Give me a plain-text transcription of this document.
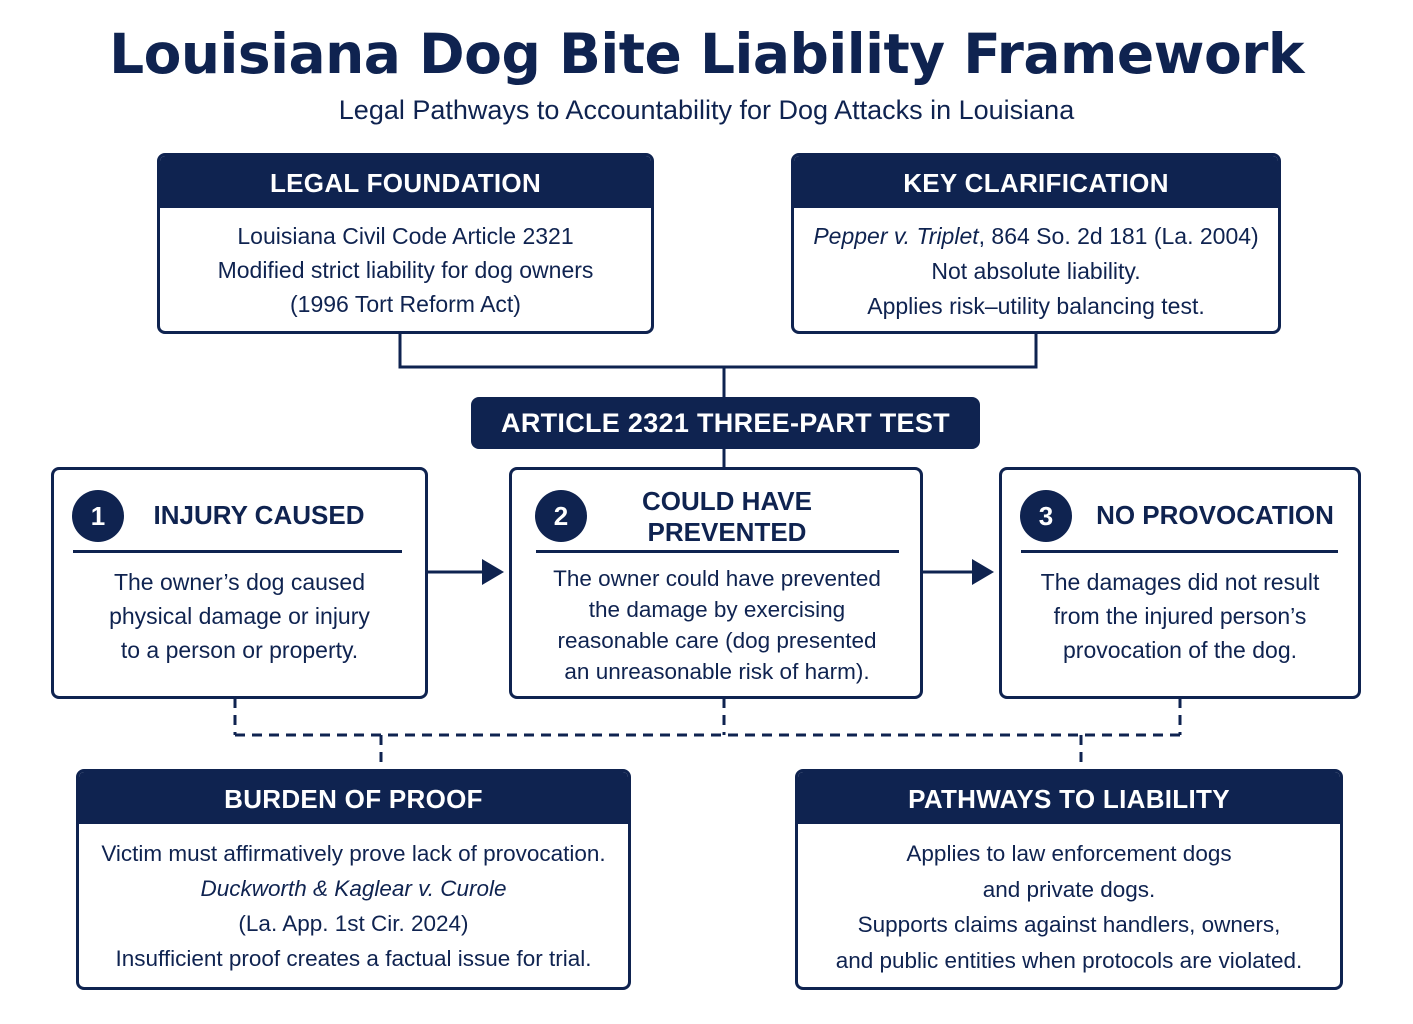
Louisiana Dog Bite Liability Framework
Legal Pathways to Accountability for Dog Attacks in Louisiana
LEGAL FOUNDATION
Louisiana Civil Code Article 2321
Modified strict liability for dog owners
(1996 Tort Reform Act)
KEY CLARIFICATION
Pepper v. Triplet, 864 So. 2d 181 (La. 2004)
Not absolute liability.
Applies risk–utility balancing test.
ARTICLE 2321 THREE-PART TEST
1	INJURY CAUSED
The owner’s dog caused
physical damage or injury
to a person or property.
2	COULD HAVE
PREVENTED
The owner could have prevented
the damage by exercising
reasonable care (dog presented
an unreasonable risk of harm).
3	NO PROVOCATION
The damages did not result
from the injured person’s
provocation of the dog.
BURDEN OF PROOF
Victim must affirmatively prove lack of provocation.
Duckworth & Kaglear v. Curole
(La. App. 1st Cir. 2024)
Insufficient proof creates a factual issue for trial.
PATHWAYS TO LIABILITY
Applies to law enforcement dogs
and private dogs.
Supports claims against handlers, owners,
and public entities when protocols are violated.
